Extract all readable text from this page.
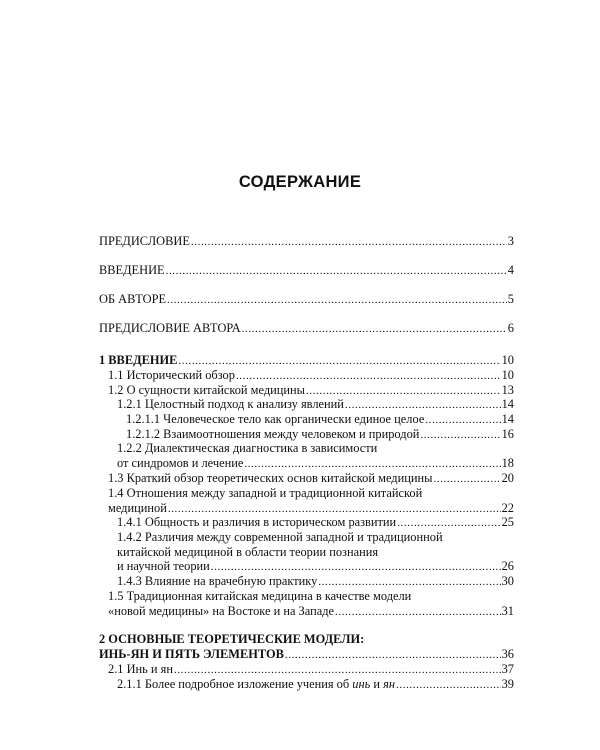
СОДЕРЖАНИЕ
ПРЕДИСЛОВИЕ .....	3
ВВЕДЕНИЕ .....	4
ОБ АВТОРЕ .....	5
ПРЕДИСЛОВИЕ АВТОРА .....	6
1 ВВЕДЕНИЕ .....	10
1.1 Исторический обзор .....	10
1.2 О сущности китайской медицины .....	13
1.2.1 Целостный подход к анализу явлений .....	14
1.2.1.1 Человеческое тело как органически единое целое .....	14
1.2.1.2 Взаимоотношения между человеком и природой .....	16
1.2.2 Диалектическая диагностика в зависимости
от синдромов и лечение .....	18
1.3 Краткий обзор теоретических основ китайской медицины .....	20
1.4 Отношения между западной и традиционной китайской
медициной .....	22
1.4.1 Общность и различия в историческом развитии .....	25
1.4.2 Различия между современной западной и традиционной
китайской медициной в области теории познания
и научной теории .....	26
1.4.3 Влияние на врачебную практику .....	30
1.5 Традиционная китайская медицина в качестве модели
«новой медицины» на Востоке и на Западе .....	31
2 ОСНОВНЫЕ ТЕОРЕТИЧЕСКИЕ МОДЕЛИ:
ИНЬ-ЯН И ПЯТЬ ЭЛЕМЕНТОВ .....	36
2.1 Инь и ян .....	37
2.1.1 Более подробное изложение учения об инь и ян .....	39
